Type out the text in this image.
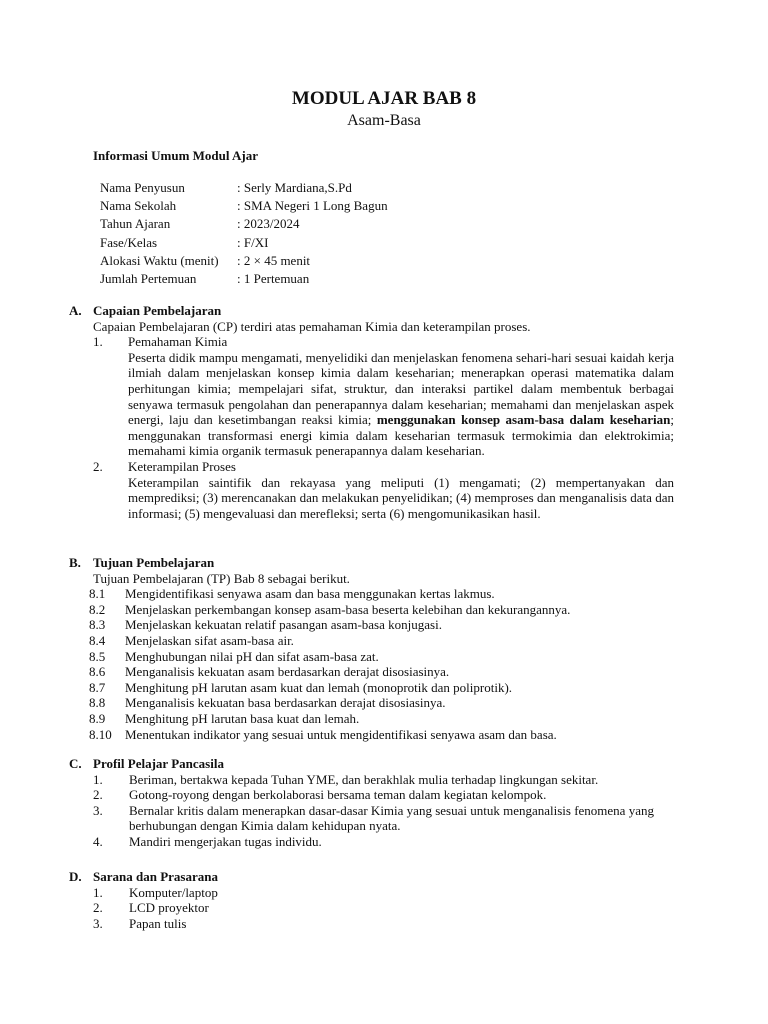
MODUL AJAR BAB 8
Asam-Basa
Informasi Umum Modul Ajar
Nama Penyusun	: Serly Mardiana,S.Pd
Nama Sekolah	: SMA Negeri 1 Long Bagun
Tahun Ajaran	: 2023/2024
Fase/Kelas	: F/XI
Alokasi Waktu (menit)	: 2 × 45 menit
Jumlah Pertemuan	: 1 Pertemuan
A. Capaian Pembelajaran
Capaian Pembelajaran (CP) terdiri atas pemahaman Kimia dan keterampilan proses.
1.	Pemahaman Kimia
Peserta didik mampu mengamati, menyelidiki dan menjelaskan fenomena sehari-hari sesuai kaidah kerja ilmiah dalam menjelaskan konsep kimia dalam keseharian; menerapkan operasi matematika dalam perhitungan kimia; mempelajari sifat, struktur, dan interaksi partikel dalam membentuk berbagai senyawa termasuk pengolahan dan penerapannya dalam keseharian; memahami dan menjelaskan aspek energi, laju dan kesetimbangan reaksi kimia; menggunakan konsep asam-basa dalam keseharian; menggunakan transformasi energi kimia dalam keseharian termasuk termokimia dan elektrokimia; memahami kimia organik termasuk penerapannya dalam keseharian.
2.	Keterampilan Proses
Keterampilan saintifik dan rekayasa yang meliputi (1) mengamati; (2) mempertanyakan dan memprediksi; (3) merencanakan dan melakukan penyelidikan; (4) memproses dan menganalisis data dan informasi; (5) mengevaluasi dan merefleksi; serta (6) mengomunikasikan hasil.
B. Tujuan Pembelajaran
Tujuan Pembelajaran (TP) Bab 8 sebagai berikut.
8.1	Mengidentifikasi senyawa asam dan basa menggunakan kertas lakmus.
8.2	Menjelaskan perkembangan konsep asam-basa beserta kelebihan dan kekurangannya.
8.3	Menjelaskan kekuatan relatif pasangan asam-basa konjugasi.
8.4	Menjelaskan sifat asam-basa air.
8.5	Menghubungan nilai pH dan sifat asam-basa zat.
8.6	Menganalisis kekuatan asam berdasarkan derajat disosiasinya.
8.7	Menghitung pH larutan asam kuat dan lemah (monoprotik dan poliprotik).
8.8	Menganalisis kekuatan basa berdasarkan derajat disosiasinya.
8.9	Menghitung pH larutan basa kuat dan lemah.
8.10	Menentukan indikator yang sesuai untuk mengidentifikasi senyawa asam dan basa.
C. Profil Pelajar Pancasila
1.	Beriman, bertakwa kepada Tuhan YME, dan berakhlak mulia terhadap lingkungan sekitar.
2.	Gotong-royong dengan berkolaborasi bersama teman dalam kegiatan kelompok.
3.	Bernalar kritis dalam menerapkan dasar-dasar Kimia yang sesuai untuk menganalisis fenomena yang berhubungan dengan Kimia dalam kehidupan nyata.
4.	Mandiri mengerjakan tugas individu.
D. Sarana dan Prasarana
1.	Komputer/laptop
2.	LCD proyektor
3.	Papan tulis
